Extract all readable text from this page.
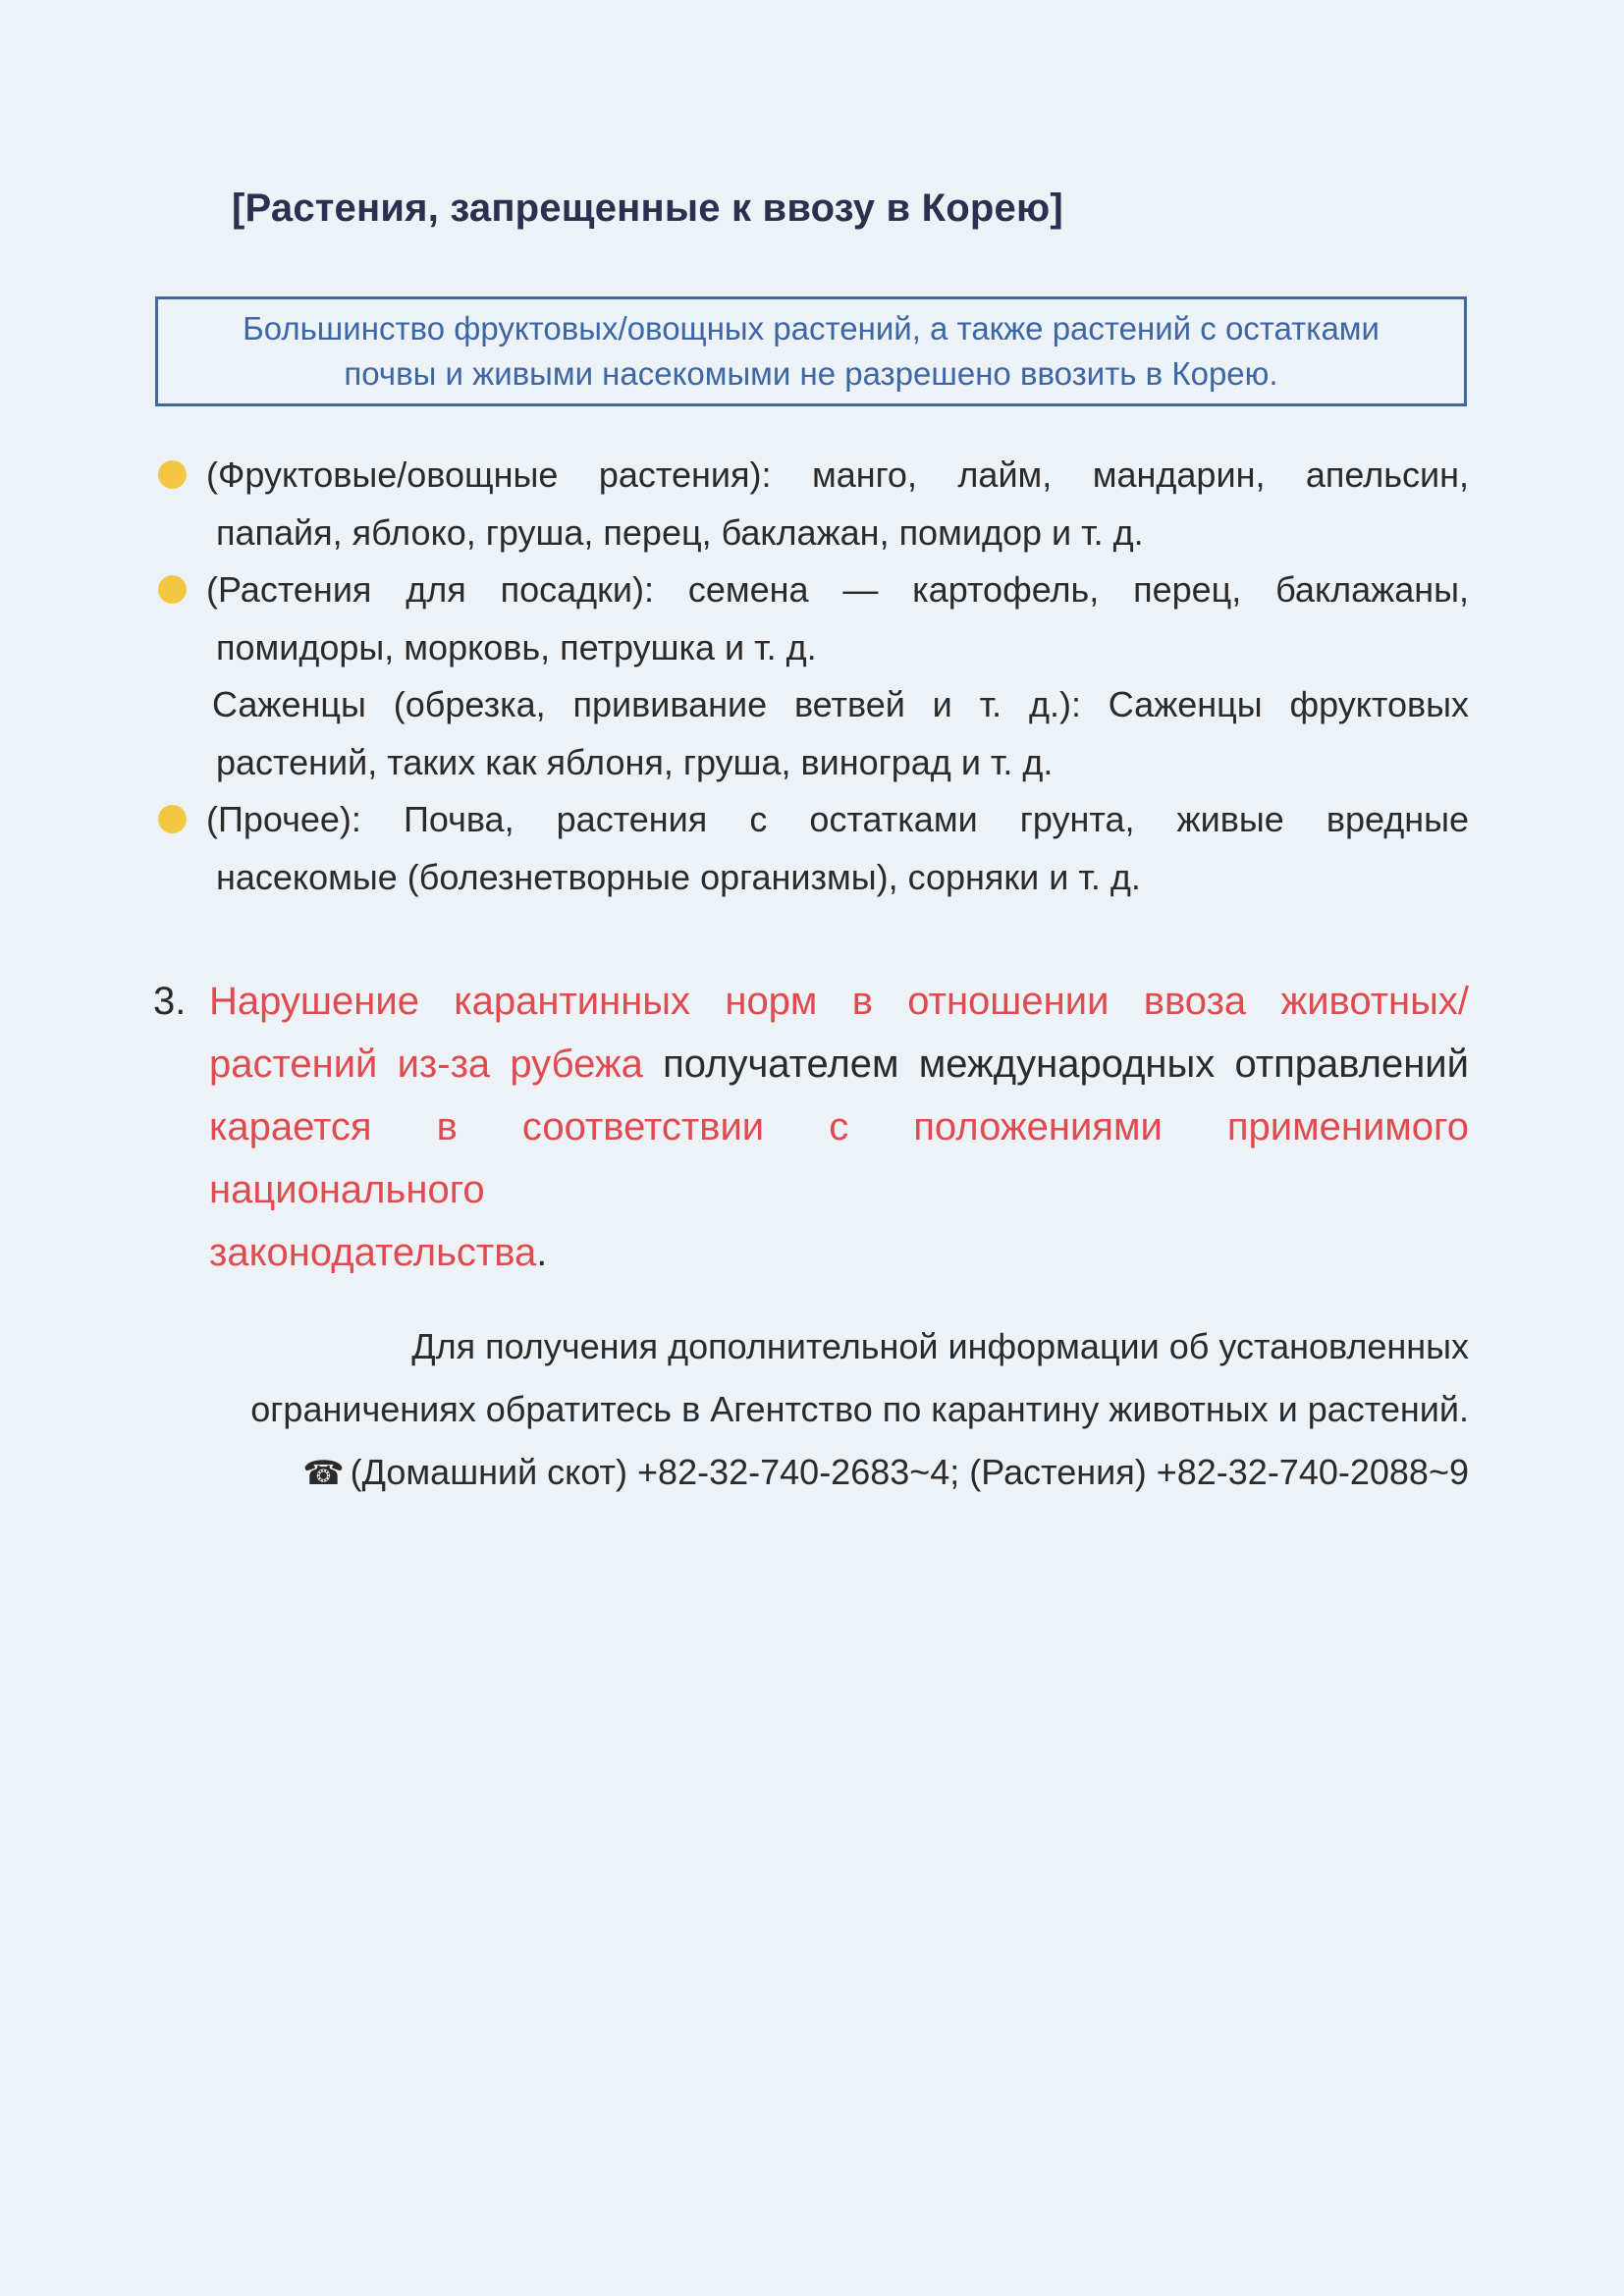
[Растения, запрещенные к ввозу в Корею]
Большинство фруктовых/овощных растений, а также растений с остатками
почвы и живыми насекомыми не разрешено ввозить в Корею.
(Фруктовые/овощные растения): манго, лайм, мандарин, апельсин,
папайя, яблоко, груша, перец, баклажан, помидор и т. д.
(Растения для посадки): семена — картофель, перец, баклажаны,
помидоры, морковь, петрушка и т. д.
Саженцы (обрезка, прививание ветвей и т. д.): Саженцы фруктовых
растений, таких как яблоня, груша, виноград и т. д.
(Прочее): Почва, растения с остатками грунта, живые вредные
насекомые (болезнетворные организмы), сорняки и т. д.
3. Нарушение карантинных норм в отношении ввоза животных/
растений из-за рубежа получателем международных отправлений
карается в соответствии с положениями применимого национального
законодательства.
Для получения дополнительной информации об установленных
ограничениях обратитесь в Агентство по карантину животных и растений.
☎ (Домашний скот) +82-32-740-2683~4; (Растения) +82-32-740-2088~9
